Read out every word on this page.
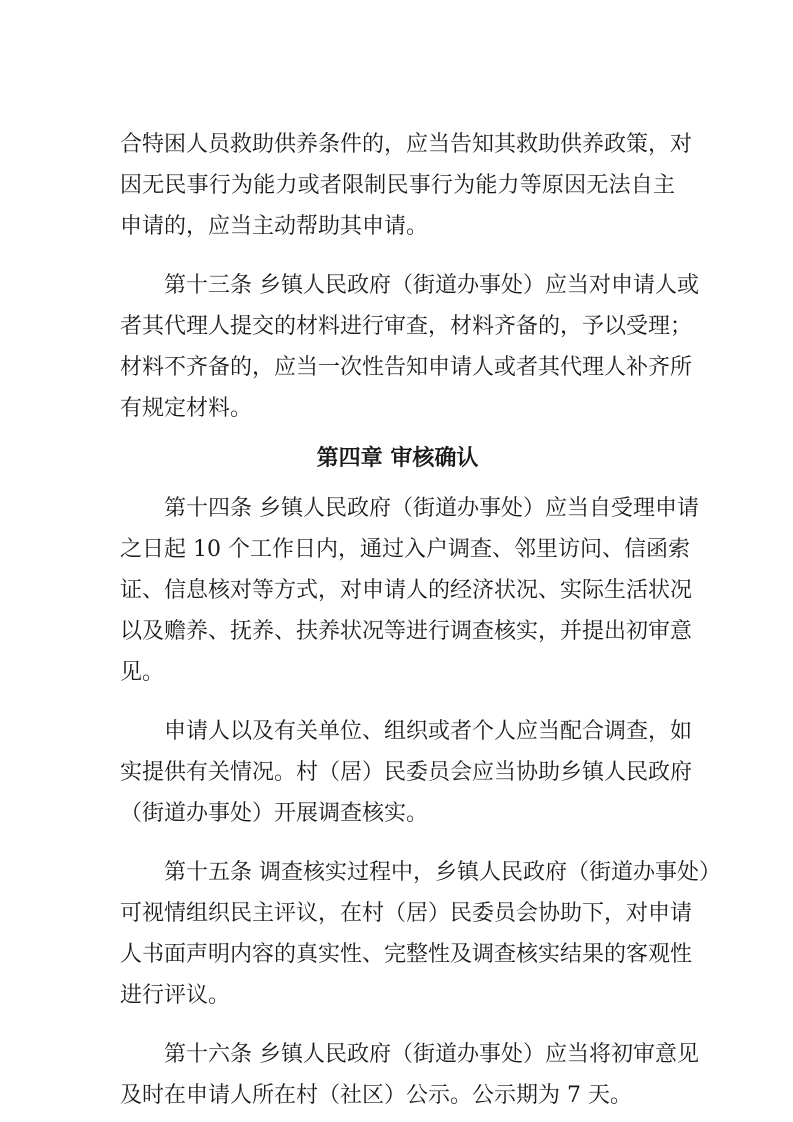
合特困人员救助供养条件的，应当告知其救助供养政策，对
因无民事行为能力或者限制民事行为能力等原因无法自主
申请的，应当主动帮助其申请。
第十三条 乡镇人民政府（街道办事处）应当对申请人或
者其代理人提交的材料进行审查，材料齐备的，予以受理；
材料不齐备的，应当一次性告知申请人或者其代理人补齐所
有规定材料。
第四章 审核确认
第十四条 乡镇人民政府（街道办事处）应当自受理申请
之日起 10 个工作日内，通过入户调查、邻里访问、信函索
证、信息核对等方式，对申请人的经济状况、实际生活状况
以及赡养、抚养、扶养状况等进行调查核实，并提出初审意
见。
申请人以及有关单位、组织或者个人应当配合调查，如
实提供有关情况。村（居）民委员会应当协助乡镇人民政府
（街道办事处）开展调查核实。
第十五条 调查核实过程中，乡镇人民政府（街道办事处）
可视情组织民主评议，在村（居）民委员会协助下，对申请
人书面声明内容的真实性、完整性及调查核实结果的客观性
进行评议。
第十六条 乡镇人民政府（街道办事处）应当将初审意见
及时在申请人所在村（社区）公示。公示期为 7 天。
